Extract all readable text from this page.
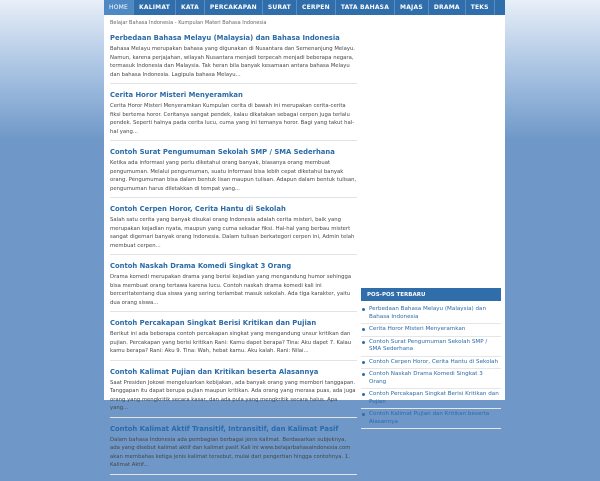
HOME	KALIMAT	KATA	PERCAKAPAN	SURAT	CERPEN	TATA BAHASA	MAJAS	DRAMA	TEKS
Belajar Bahasa Indonesia - Kumpulan Materi Bahasa Indonesia
Perbedaan Bahasa Melayu (Malaysia) dan Bahasa Indonesia

Bahasa Melayu merupakan bahasa yang digunakan di Nusantara dan Semenanjung Melayu. Namun, karena perjajahan, wilayah Nusantara menjadi terpecah menjadi beberapa negara, termasuk Indonesia dan Malaysia. Tak heran bila banyak kesamaan antara bahasa Melayu dan bahasa Indonesia. Lagipula bahasa Melayu...

Cerita Horor Misteri Menyeramkan

Cerita Horor Misteri Menyeramkan Kumpulan cerita di bawah ini merupakan cerita-cerita fiksi bertema horor. Ceritanya sangat pendek, kalau dikatakan sebagai cerpen juga terlalu pendek. Seperti halnya pada cerita lucu, cuma yang ini temanya horor. Bagi yang takut hal-hal yang...

Contoh Surat Pengumuman Sekolah SMP / SMA Sederhana

Ketika ada informasi yang perlu diketahui orang banyak, biasanya orang membuat pengumuman. Melalui pengumuman, suatu informasi bisa lebih cepat diketahui banyak orang. Pengumuman bisa dalam bentuk lisan maupun tulisan. Adapun dalam bentuk tulisan, pengumuman harus diletakkan di tempat yang...

Contoh Cerpen Horor, Cerita Hantu di Sekolah

Salah satu cerita yang banyak disukai orang Indonesia adalah cerita misteri, baik yang merupakan kejadian nyata, maupun yang cuma sekadar fiksi. Hal-hal yang berbau mistert sangat digemari banyak orang Indonesia. Dalam tulisan berkategori cerpen ini, Admin telah membuat cerpen...

Contoh Naskah Drama Komedi Singkat 3 Orang

Drama komedi merupakan drama yang berisi kejadian yang mengandung humor sehingga bisa membuat orang tertawa karena lucu. Contoh naskah drama komedi kali ini berceritatentang dua siswa yang sering terlambat masuk sekolah. Ada tiga karakter, yaitu dua orang siswa...

Contoh Percakapan Singkat Berisi Kritikan dan Pujian

Berikut ini ada beberapa contoh percakapan singkat yang mengandung unsur kritikan dan pujian. Percakapan yang berisi kritikan Rani: Kamu dapet berapa? Tina: Aku dapet 7. Kalau kamu berapa? Rani: Aku 9. Tina: Wah, hebat kamu. Aku kalah. Rani: Nilai...

Contoh Kalimat Pujian dan Kritikan beserta Alasannya

Saat Presiden Jokowi mengeluarkan kebijakan, ada banyak orang yang memberi tanggapan. Tanggapan itu dapat berupa pujian maupun kritikan. Ada orang yang merasa puas, ada juga orang yang mengkritik secara kasar, dan ada pula yang mengkritik secara halus. Apa yang...

Contoh Kalimat Aktif Transitif, Intransitif, dan Kalimat Pasif

Dalam bahasa Indonesia ada pembagian berbagai jenis kalimat. Berdasarkan subjeknya, ada yang disebut kalimat aktif dan kalimat pasif. Kali ini www.belajarbahasaindonesia.com akan membahas ketiga jenis kalimat tersebut, mulai dari pengertian hingga contohnya. 1. Kalimat Aktif...

POS-POS TERBARU
Perbedaan Bahasa Melayu (Malaysia) dan Bahasa Indonesia
Cerita Horor Misteri Menyeramkan
Contoh Surat Pengumuman Sekolah SMP / SMA Sederhana
Contoh Cerpen Horor, Cerita Hantu di Sekolah
Contoh Naskah Drama Komedi Singkat 3 Orang
Contoh Percakapan Singkat Berisi Kritikan dan Pujian
Contoh Kalimat Pujian dan Kritikan beserta Alasannya
